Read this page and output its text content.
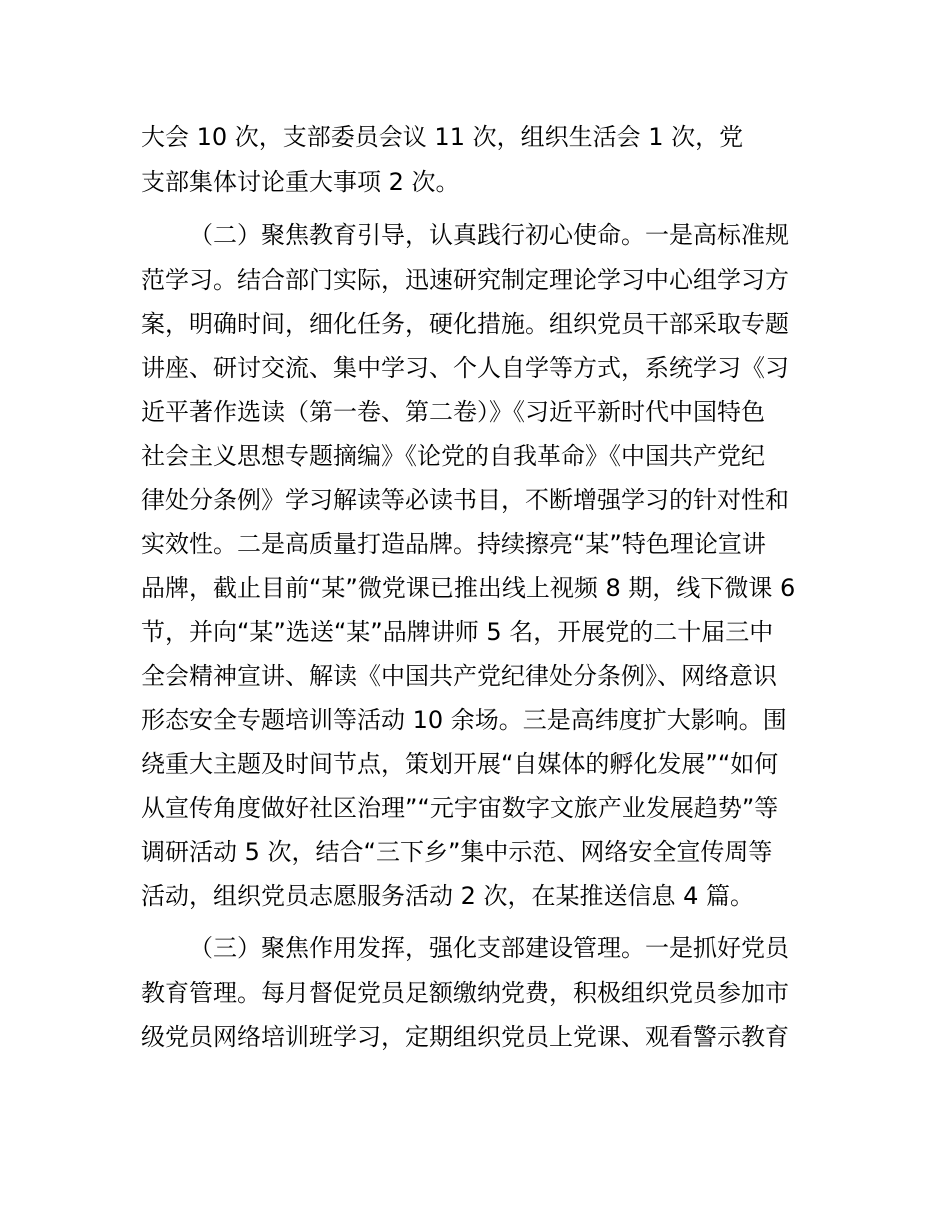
大会 10 次，支部委员会议 11 次，组织生活会 1 次，党

支部集体讨论重大事项 2 次。

（二）聚焦教育引导，认真践行初心使命。一是高标准规

范学习。结合部门实际，迅速研究制定理论学习中心组学习方

案，明确时间，细化任务，硬化措施。组织党员干部采取专题

讲座、研讨交流、集中学习、个人自学等方式，系统学习《习

近平著作选读（第一卷、第二卷）》《习近平新时代中国特色

社会主义思想专题摘编》《论党的自我革命》《中国共产党纪

律处分条例》学习解读等必读书目，不断增强学习的针对性和

实效性。二是高质量打造品牌。持续擦亮“某”特色理论宣讲

品牌，截止目前“某”微党课已推出线上视频 8 期，线下微课 6

节，并向“某”选送“某”品牌讲师 5 名，开展党的二十届三中

全会精神宣讲、解读《中国共产党纪律处分条例》、网络意识

形态安全专题培训等活动 10 余场。三是高纬度扩大影响。围

绕重大主题及时间节点，策划开展“自媒体的孵化发展”“如何

从宣传角度做好社区治理”“元宇宙数字文旅产业发展趋势”等

调研活动 5 次，结合“三下乡”集中示范、网络安全宣传周等

活动，组织党员志愿服务活动 2 次，在某推送信息 4 篇。

（三）聚焦作用发挥，强化支部建设管理。一是抓好党员

教育管理。每月督促党员足额缴纳党费，积极组织党员参加市

级党员网络培训班学习，定期组织党员上党课、观看警示教育
